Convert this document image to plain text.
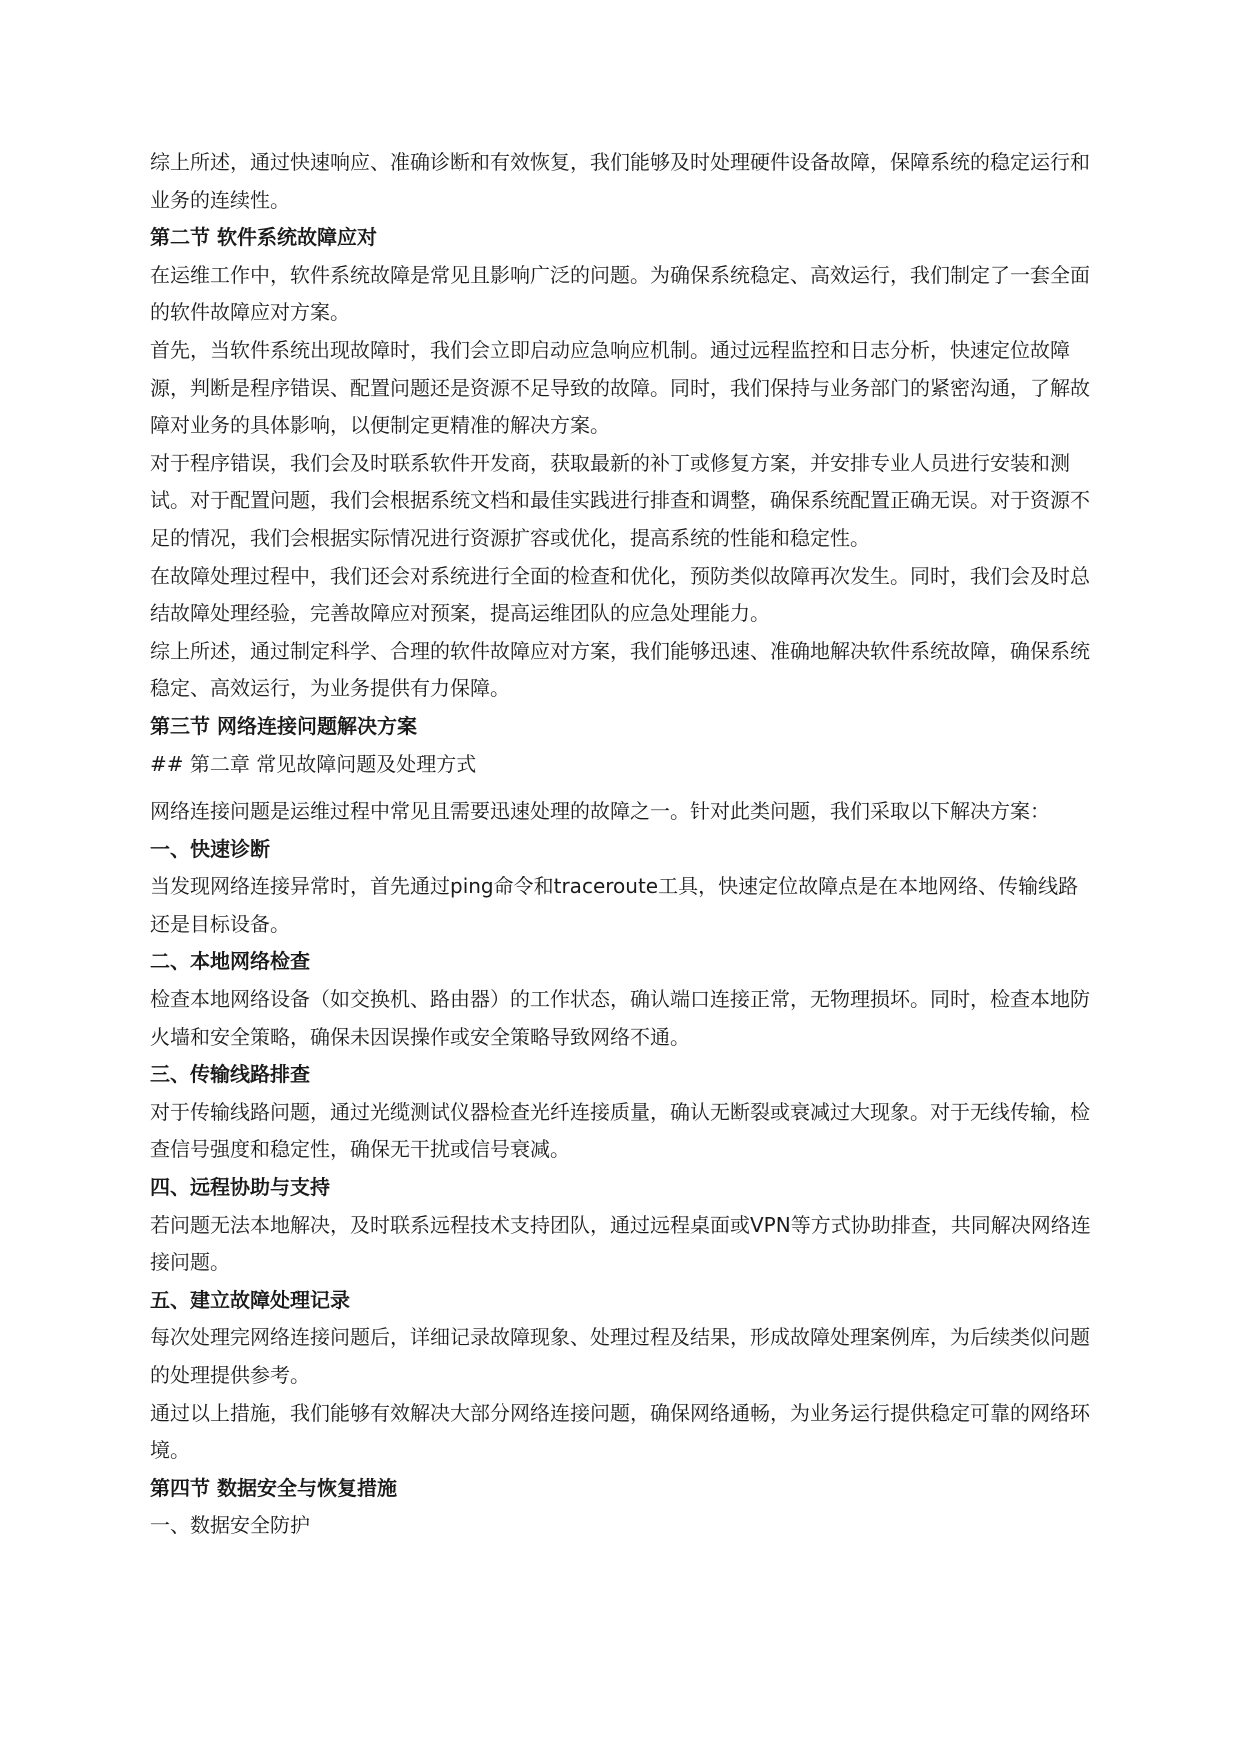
综上所述，通过快速响应、准确诊断和有效恢复，我们能够及时处理硬件设备故障，保障系统的稳定运行和业务的连续性。

第二节 软件系统故障应对

在运维工作中，软件系统故障是常见且影响广泛的问题。为确保系统稳定、高效运行，我们制定了一套全面的软件故障应对方案。

首先，当软件系统出现故障时，我们会立即启动应急响应机制。通过远程监控和日志分析，快速定位故障源，判断是程序错误、配置问题还是资源不足导致的故障。同时，我们保持与业务部门的紧密沟通，了解故障对业务的具体影响，以便制定更精准的解决方案。

对于程序错误，我们会及时联系软件开发商，获取最新的补丁或修复方案，并安排专业人员进行安装和测试。对于配置问题，我们会根据系统文档和最佳实践进行排查和调整，确保系统配置正确无误。对于资源不足的情况，我们会根据实际情况进行资源扩容或优化，提高系统的性能和稳定性。

在故障处理过程中，我们还会对系统进行全面的检查和优化，预防类似故障再次发生。同时，我们会及时总结故障处理经验，完善故障应对预案，提高运维团队的应急处理能力。

综上所述，通过制定科学、合理的软件故障应对方案，我们能够迅速、准确地解决软件系统故障，确保系统稳定、高效运行，为业务提供有力保障。

第三节 网络连接问题解决方案

## 第二章 常见故障问题及处理方式

网络连接问题是运维过程中常见且需要迅速处理的故障之一。针对此类问题，我们采取以下解决方案：

一、快速诊断

当发现网络连接异常时，首先通过ping命令和traceroute工具，快速定位故障点是在本地网络、传输线路还是目标设备。

二、本地网络检查

检查本地网络设备（如交换机、路由器）的工作状态，确认端口连接正常，无物理损坏。同时，检查本地防火墙和安全策略，确保未因误操作或安全策略导致网络不通。

三、传输线路排查

对于传输线路问题，通过光缆测试仪器检查光纤连接质量，确认无断裂或衰减过大现象。对于无线传输，检查信号强度和稳定性，确保无干扰或信号衰减。

四、远程协助与支持

若问题无法本地解决，及时联系远程技术支持团队，通过远程桌面或VPN等方式协助排查，共同解决网络连接问题。

五、建立故障处理记录

每次处理完网络连接问题后，详细记录故障现象、处理过程及结果，形成故障处理案例库，为后续类似问题的处理提供参考。

通过以上措施，我们能够有效解决大部分网络连接问题，确保网络通畅，为业务运行提供稳定可靠的网络环境。

第四节 数据安全与恢复措施

一、数据安全防护
